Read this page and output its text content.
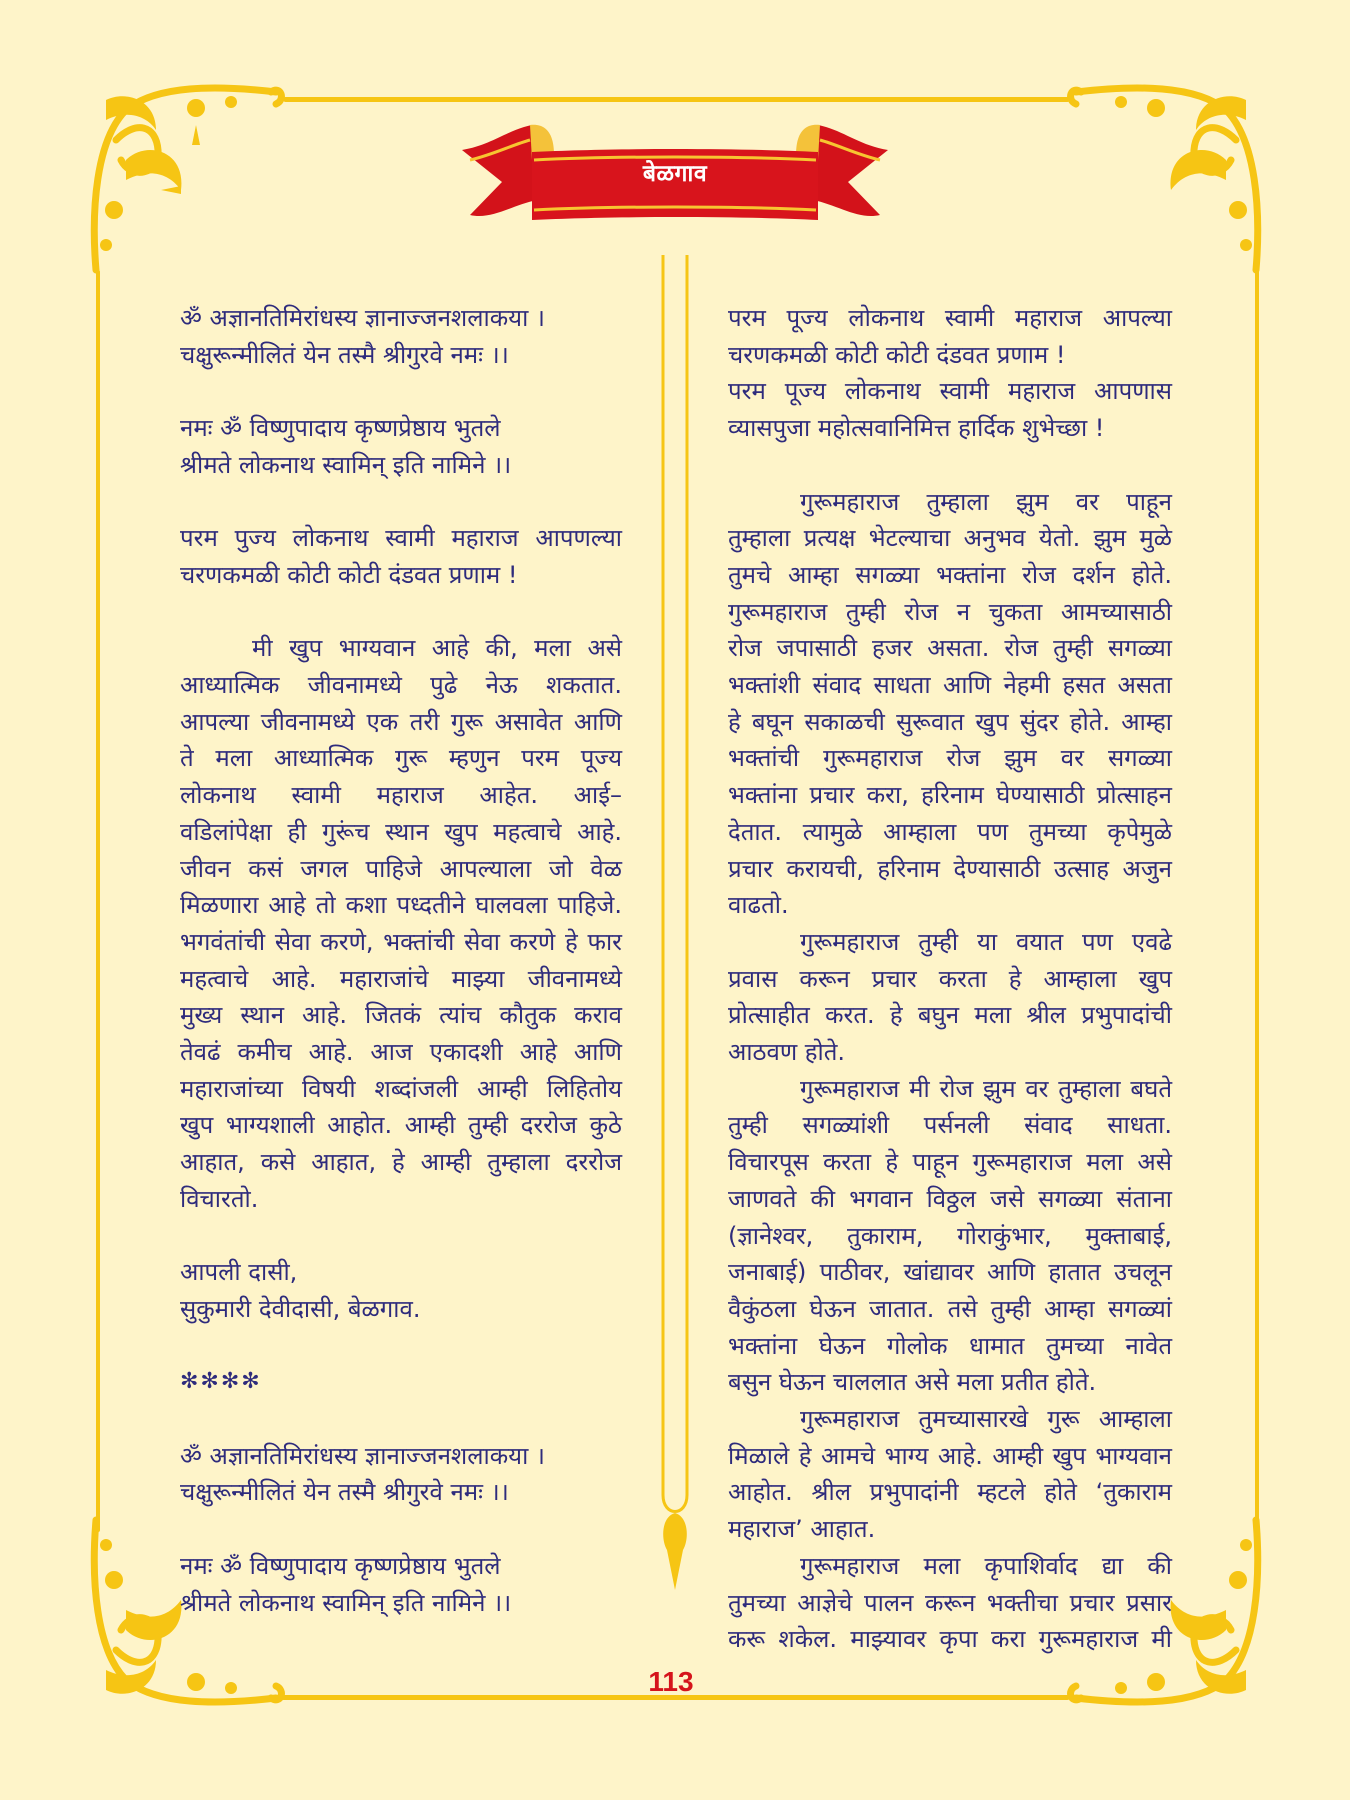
बेळगाव
ॐ अज्ञानतिमिरांधस्य ज्ञानाज्जनशलाकया ।
चक्षुरून्मीलितं येन तस्मै श्रीगुरवे नमः ।।
नमः ॐ विष्णुपादाय कृष्णप्रेष्ठाय भुतले
श्रीमते लोकनाथ स्वामिन् इति नामिने ।।
परम पुज्य लोकनाथ स्वामी महाराज आपणल्या
चरणकमळी कोटी कोटी दंडवत प्रणाम !
मी खुप भाग्यवान आहे की, मला असे
आध्यात्मिक जीवनामध्ये पुढे नेऊ शकतात.
आपल्या जीवनामध्ये एक तरी गुरू असावेत आणि
ते मला आध्यात्मिक गुरू म्हणुन परम पूज्य
लोकनाथ स्वामी महाराज आहेत. आई–
वडिलांपेक्षा ही गुरूंच स्थान खुप महत्वाचे आहे.
जीवन कसं जगल पाहिजे आपल्याला जो वेळ
मिळणारा आहे तो कशा पध्दतीने घालवला पाहिजे.
भगवंतांची सेवा करणे, भक्तांची सेवा करणे हे फार
महत्वाचे आहे. महाराजांचे माझ्या जीवनामध्ये
मुख्य स्थान आहे. जितकं त्यांच कौतुक कराव
तेवढं कमीच आहे. आज एकादशी आहे आणि
महाराजांच्या विषयी शब्दांजली आम्ही लिहितोय
खुप भाग्यशाली आहोत. आम्ही तुम्ही दररोज कुठे
आहात, कसे आहात, हे आम्ही तुम्हाला दररोज
विचारतो.
आपली दासी,
सुकुमारी देवीदासी, बेळगाव.
✻✻✻✻
ॐ अज्ञानतिमिरांधस्य ज्ञानाज्जनशलाकया ।
चक्षुरून्मीलितं येन तस्मै श्रीगुरवे नमः ।।
नमः ॐ विष्णुपादाय कृष्णप्रेष्ठाय भुतले
श्रीमते लोकनाथ स्वामिन् इति नामिने ।।
परम पूज्य लोकनाथ स्वामी महाराज आपल्या
चरणकमळी कोटी कोटी दंडवत प्रणाम !
परम पूज्य लोकनाथ स्वामी महाराज आपणास
व्यासपुजा महोत्सवानिमित्त हार्दिक शुभेच्छा !
गुरूमहाराज तुम्हाला झुम वर पाहून
तुम्हाला प्रत्यक्ष भेटल्याचा अनुभव येतो. झुम मुळे
तुमचे आम्हा सगळ्या भक्तांना रोज दर्शन होते.
गुरूमहाराज तुम्ही रोज न चुकता आमच्यासाठी
रोज जपासाठी हजर असता. रोज तुम्ही सगळ्या
भक्तांशी संवाद साधता आणि नेहमी हसत असता
हे बघून सकाळची सुरूवात खुप सुंदर होते. आम्हा
भक्तांची गुरूमहाराज रोज झुम वर सगळ्या
भक्तांना प्रचार करा, हरिनाम घेण्यासाठी प्रोत्साहन
देतात. त्यामुळे आम्हाला पण तुमच्या कृपेमुळे
प्रचार करायची, हरिनाम देण्यासाठी उत्साह अजुन
वाढतो.
गुरूमहाराज तुम्ही या वयात पण एवढे
प्रवास करून प्रचार करता हे आम्हाला खुप
प्रोत्साहीत करत. हे बघुन मला श्रील प्रभुपादांची
आठवण होते.
गुरूमहाराज मी रोज झुम वर तुम्हाला बघते
तुम्ही सगळ्यांशी पर्सनली संवाद साधता.
विचारपूस करता हे पाहून गुरूमहाराज मला असे
जाणवते की भगवान विठ्ठल जसे सगळ्या संताना
(ज्ञानेश्वर, तुकाराम, गोराकुंभार, मुक्ताबाई,
जनाबाई) पाठीवर, खांद्यावर आणि हातात उचलून
वैकुंठला घेऊन जातात. तसे तुम्ही आम्हा सगळ्यां
भक्तांना घेऊन गोलोक धामात तुमच्या नावेत
बसुन घेऊन चाललात असे मला प्रतीत होते.
गुरूमहाराज तुमच्यासारखे गुरू आम्हाला
मिळाले हे आमचे भाग्य आहे. आम्ही खुप भाग्यवान
आहोत. श्रील प्रभुपादांनी म्हटले होते ‘तुकाराम
महाराज’ आहात.
गुरूमहाराज मला कृपाशिर्वाद द्या की
तुमच्या आज्ञेचे पालन करून भक्तीचा प्रचार प्रसार
करू शकेल. माझ्यावर कृपा करा गुरूमहाराज मी
113
